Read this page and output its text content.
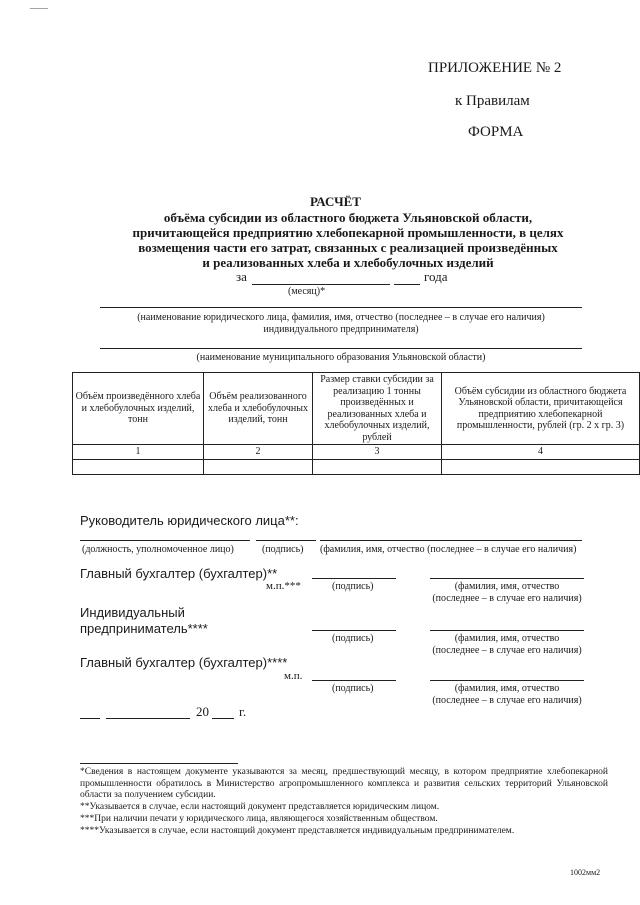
____
ПРИЛОЖЕНИЕ № 2
к Правилам
ФОРМА
РАСЧЁТ
объёма субсидии из областного бюджета Ульяновской области,
причитающейся предприятию хлебопекарной промышленности, в целях
возмещения части его затрат, связанных с реализацией произведённых
и реализованных хлеба и хлебобулочных изделий
за	года
(месяц)*
(наименование юридического лица, фамилия, имя, отчество (последнее – в случае его наличия)
индивидуального предпринимателя)
(наименование муниципального образования Ульяновской области)
Объём произведённого хлеба и хлебобулочных изделий, тонн	Объём реализованного хлеба и хлебобулочных изделий, тонн	Размер ставки субсидии за реализацию 1 тонны произведённых и реализованных хлеба и хлебобулочных изделий, рублей	Объём субсидии из областного бюджета Ульяновской области, причитающейся предприятию хлебопекарной промышленности, рублей (гр. 2 х гр. 3)
1	2	3	4

Руководитель юридического лица**:
(должность, уполномоченное лицо)	(подпись) (фамилия, имя, отчество (последнее – в случае его наличия)
Главный бухгалтер (бухгалтер)**
м.п.***	(подпись)	(фамилия, имя, отчество
(последнее – в случае его наличия)
Индивидуальный
предприниматель****
(подпись)	(фамилия, имя, отчество
(последнее – в случае его наличия)
Главный бухгалтер (бухгалтер)****
м.п.
(подпись)	(фамилия, имя, отчество
(последнее – в случае его наличия)
20 г.
*Сведения в настоящем документе указываются за месяц, предшествующий месяцу, в котором предприятие хлебопекарной промышленности обратилось в Министерство агропромышленного комплекса и развития сельских территорий Ульяновской области за получением субсидии.
**Указывается в случае, если настоящий документ представляется юридическим лицом.
***При наличии печати у юридического лица, являющегося хозяйственным обществом.
****Указывается в случае, если настоящий документ представляется индивидуальным предпринимателем.
1002мм2
